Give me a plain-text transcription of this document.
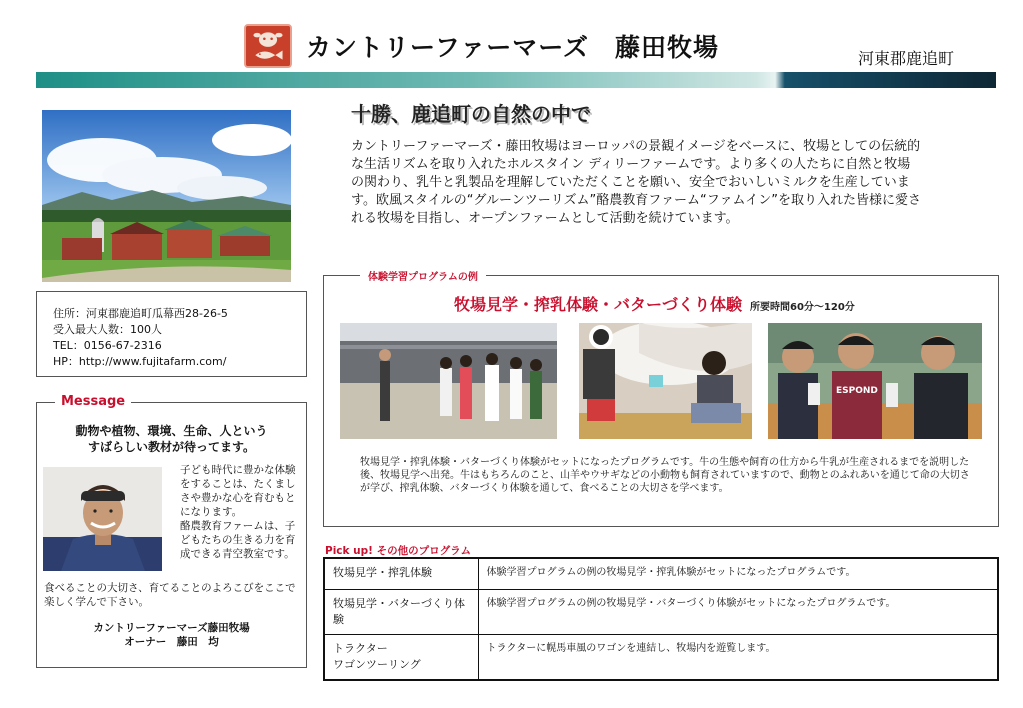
カントリーファーマーズ　藤田牧場	河東郡鹿追町
住所：河東郡鹿追町瓜幕西28-26-5
受入最大人数：100人
TEL：0156-67-2316
HP：http://www.fujitafarm.com/
Message
動物や植物、環境、生命、人という
すばらしい教材が待ってます。
子ども時代に豊かな体験をすることは、たくましさや豊かな心を育むもとになります。
酪農教育ファームは、子どもたちの生きる力を育成できる青空教室です。
食べることの大切さ、育てることのよろこびをここで楽しく学んで下さい。
カントリーファーマーズ藤田牧場
オーナー　藤田　均
十勝、鹿追町の自然の中で
カントリーファーマーズ・藤田牧場はヨーロッパの景観イメージをベースに、牧場としての伝統的な生活リズムを取り入れたホルスタイン ディリーファームです。より多くの人たちに自然と牧場の関わり、乳牛と乳製品を理解していただくことを願い、安全でおいしいミルクを生産しています。欧風スタイルの“グルーンツーリズム”酪農教育ファーム“ファムイン”を取り入れた皆様に愛される牧場を目指し、オープンファームとして活動を続けています。
体験学習プログラムの例
牧場見学・搾乳体験・バターづくり体験 所要時間60分～120分
ESPOND
牧場見学・搾乳体験・バターづくり体験がセットになったプログラムです。牛の生態や飼育の仕方から牛乳が生産されるまでを説明した後、牧場見学へ出発。牛はもちろんのこと、山羊やウサギなどの小動物も飼育されていますので、動物とのふれあいを通じて命の大切さが学び、搾乳体験、バターづくり体験を通して、食べることの大切さを学べます。
Pick up! その他のプログラム
牧場見学・搾乳体験	体験学習プログラムの例の牧場見学・搾乳体験がセットになったプログラムです。
牧場見学・バターづくり体験	体験学習プログラムの例の牧場見学・バターづくり体験がセットになったプログラムです。

トラクター
ワゴンツーリング	トラクターに幌馬車風のワゴンを連結し、牧場内を遊覧します。
